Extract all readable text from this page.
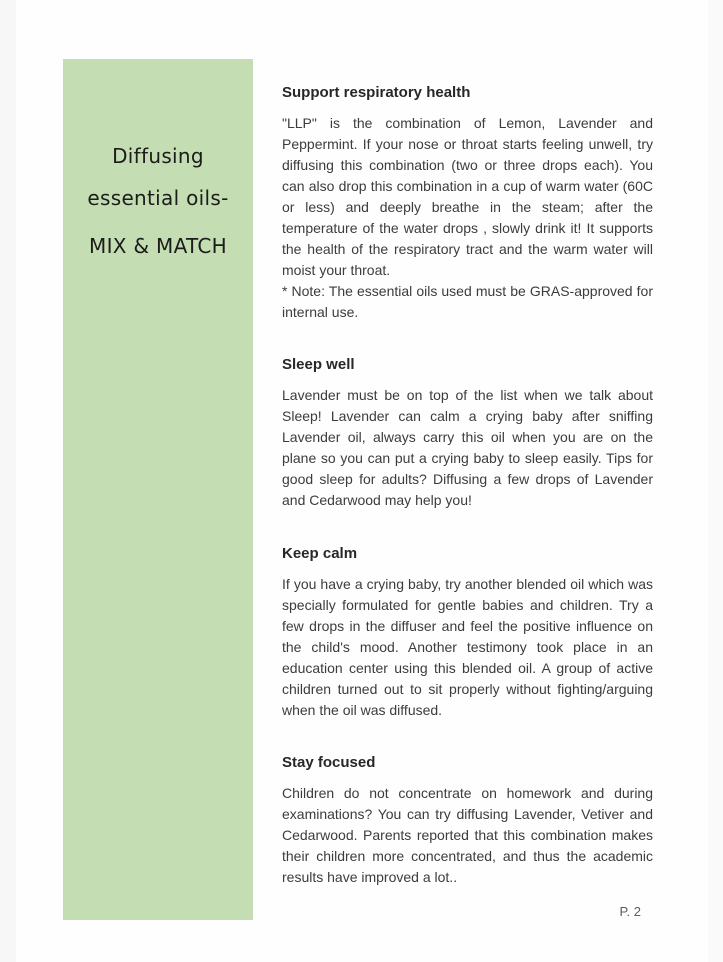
Diffusing
essential oils-
MIX & MATCH
Support respiratory health

"LLP" is the combination of Lemon, Lavender and Peppermint. If your nose or throat starts feeling unwell, try diffusing this combination (two or three drops each). You can also drop this combination in a cup of warm water (60C or less) and deeply breathe in the steam; after the temperature of the water drops , slowly drink it! It supports the health of the respiratory tract and the warm water will moist your throat.

* Note: The essential oils used must be GRAS-approved for internal use.

Sleep well

Lavender must be on top of the list when we talk about Sleep! Lavender can calm a crying baby after sniffing Lavender oil, always carry this oil when you are on the plane so you can put a crying baby to sleep easily. Tips for good sleep for adults? Diffusing a few drops of Lavender and Cedarwood may help you!

Keep calm

If you have a crying baby, try another blended oil which was specially formulated for gentle babies and children. Try a few drops in the diffuser and feel the positive influence on the child's mood. Another testimony took place in an education center using this blended oil. A group of active children turned out to sit properly without fighting/arguing when the oil was diffused.

Stay focused

Children do not concentrate on homework and during examinations? You can try diffusing Lavender, Vetiver and Cedarwood. Parents reported that this combination makes their children more concentrated, and thus the academic results have improved a lot..

P. 2
